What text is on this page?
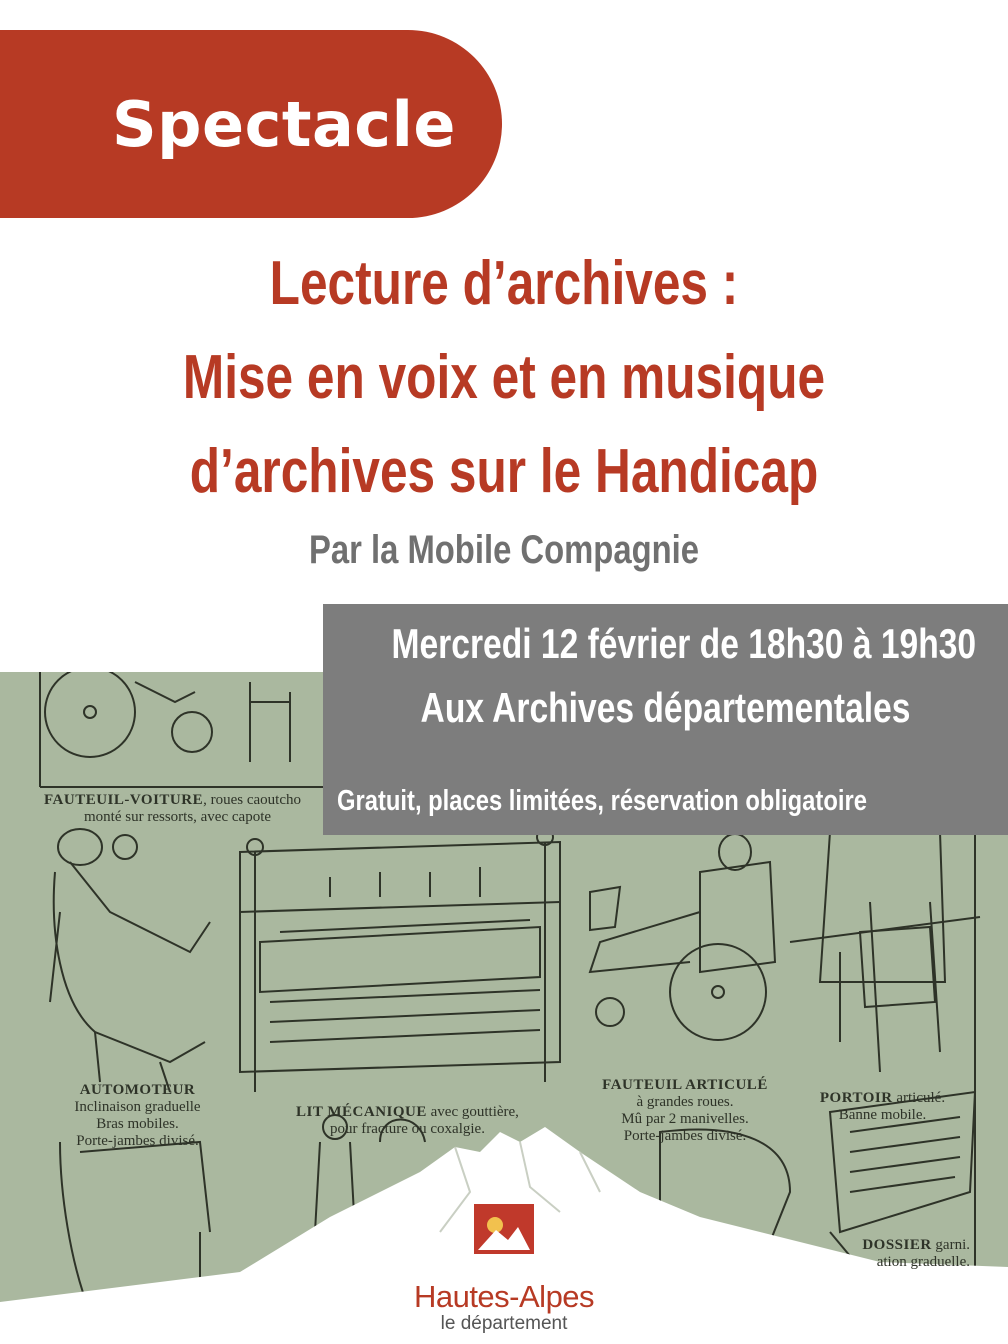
Spectacle
Lecture d’archives :
Mise en voix et en musique
d’archives sur le Handicap
Par la Mobile Compagnie
FAUTEUIL-VOITURE, roues caoutcho
monté sur ressorts, avec capote
AUTOMOTEUR
Inclinaison graduelle
Bras mobiles.
Porte-jambes divisé.
LIT MÉCANIQUE avec gouttière,
pour fracture ou coxalgie.
FAUTEUIL ARTICULÉ
à grandes roues.
Mû par 2 manivelles.
Porte-jambes divisé.
PORTOIR articulé.
Banne mobile.
DOSSIER garni.
ation graduelle.
Mercredi 12 février de 18h30 à 19h30
Aux Archives départementales
Gratuit, places limitées, réservation obligatoire
Hautes-Alpes
le département
